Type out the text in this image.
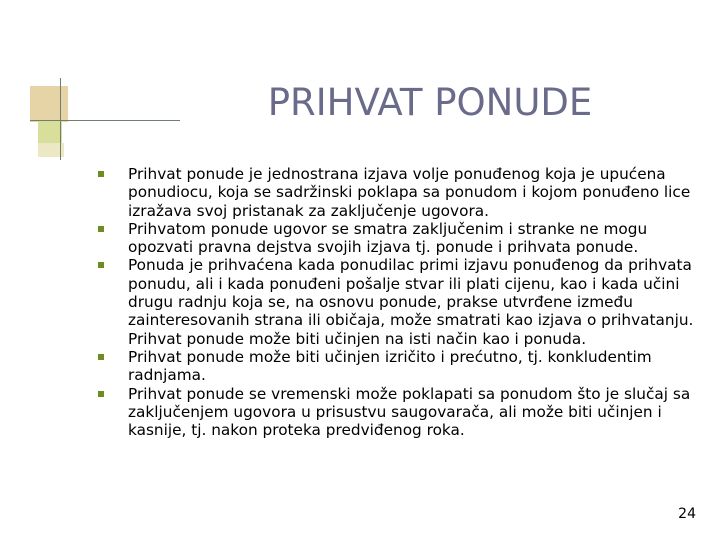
PRIHVAT PONUDE
Prihvat ponude je jednostrana izjava volje ponuđenog koja je upućena ponudiocu, koja se sadržinski poklapa sa ponudom i kojom ponuđeno lice izražava svoj pristanak za zaključenje ugovora.
Prihvatom ponude ugovor se smatra zaključenim i stranke ne mogu opozvati pravna dejstva svojih izjava tj. ponude i prihvata ponude.
Ponuda je prihvaćena kada ponudilac primi izjavu ponuđenog da prihvata ponudu, ali i kada ponuđeni pošalje stvar ili plati cijenu, kao i kada učini drugu radnju koja se, na osnovu ponude, prakse utvrđene između zainteresovanih strana ili običaja, može smatrati kao izjava o prihvatanju. Prihvat ponude može biti učinjen na isti način kao i ponuda.
Prihvat ponude može biti učinjen izričito i prećutno, tj. konkludentim radnjama.
Prihvat ponude se vremenski može poklapati sa ponudom što je slučaj sa zaključenjem ugovora u prisustvu saugovarača, ali može biti učinjen i kasnije, tj. nakon proteka predviđenog roka.
24
